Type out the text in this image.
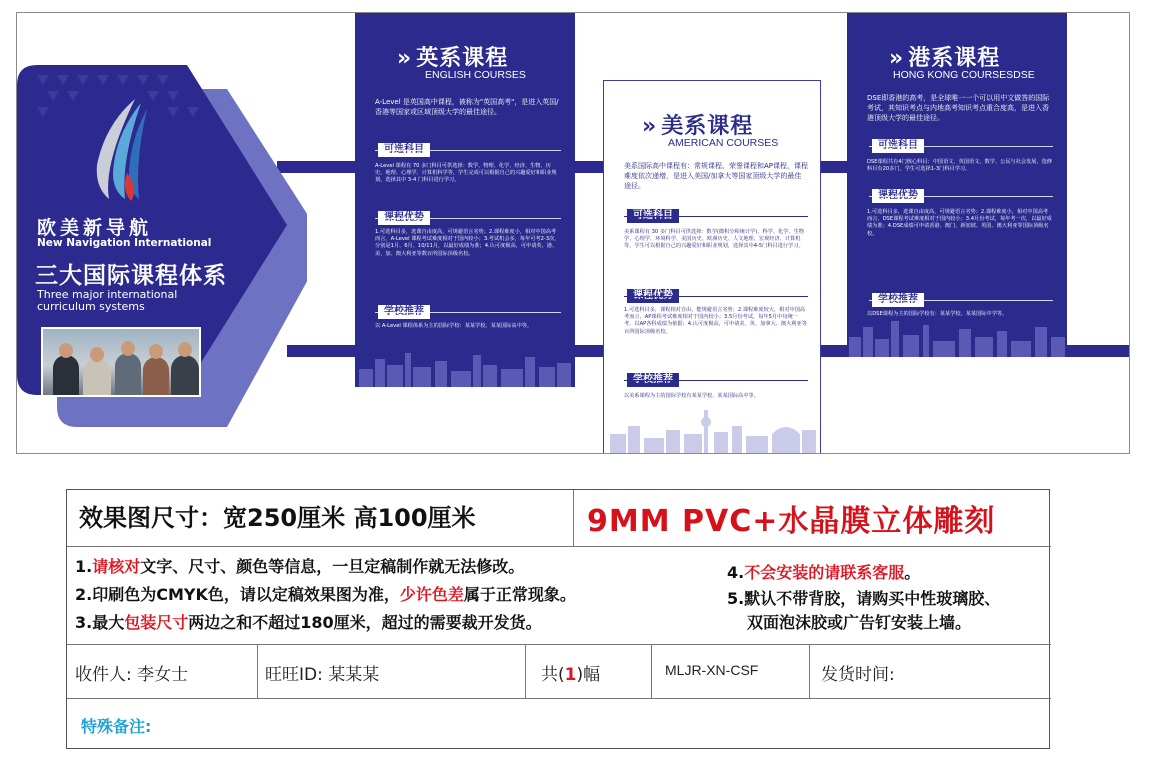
欧美新导航
New Navigation International
三大国际课程体系
Three major international curriculum systems
» 英系课程
ENGLISH COURSES
A-Level 是英国高中课程，被称为"英国高考"，是进入英国/香港等国家或区域顶级大学的最佳途径。
A-Level 课程有 70 多门科目可供选择：数学、物理、化学、经济、生物、历史、地理、心理学、计算机科学等，学生完成可以根据自己的兴趣爱好和职业规划，选择其中 3-4 门科目进行学习。
1.可选科目多，选课自由度高，可规避语言劣势；2.课程难度小，相对中国高考而言，A-Level 课程考试难度相对于国内较小；3.考试机会多，每年可考2-3次，分别是1月、6月、10/11月，以最好成绩为准；4.认可度极高，可申请英、港、美、加、澳大利亚等数百所国际顶级名校。
以 A-Level 课程体系为主的国际学校：某某学校、某某国际高中等。
» 美系课程
AMERICAN COURSES
美系国际高中课程有：常规课程、荣誉课程和AP课程，课程难度依次递增，是进入美国/加拿大等国家顶级大学的最佳途径。
美系课程有 30 多门科目可供选择：数学(微积分和统计学)、科学、化学、生物学、心理学、环境科学、美国历史、欧洲历史、人文地理、宏观经济、计算机等，学生可以根据自己的兴趣爱好和职业规划，选择其中4-5门科目进行学习。
1.可选科目多，课程相对自由，能规避语言劣势；2.课程难度较大，相对中国高考而言，AP课程考试难度相对于国内较小；3.5月份考试，每年5月中旬统一考，以AP各科成绩为依据；4.认可度极高，可申请美、英、加拿大、澳大利亚等百所国际顶级名校。
以美系课程为主的国际学校有某某学校、某某国际高中等。
» 港系课程
HONG KONG COURSESDSE
DSE即香港的高考，是全球唯一一个可以用中文做答的国际考试，其知识考点与内地高考知识考点重合度高，是进入香港顶级大学的最佳途径。
DSE课程共有4门核心科目：中国语文、英国语文、数学、公民与社会发展，选修科目有20多门，学生可选择1-3门科目学习。
1.可选科目多，选课自由度高，可规避语言劣势；2.课程难度小，相对中国高考而言，DSE课程考试难度相对于国内较小；3.4月份考试，每年考一次，以最好成绩为准；4.DSE成绩可申请香港、澳门、新加坡、英国、澳大利亚等国际顶级名校。
以DSE课程为主的国际学校有：某某学校、某某国际中学等。
效果图尺寸：宽250厘米 高100厘米	9MM PVC+水晶膜立体雕刻
1.请核对文字、尺寸、颜色等信息，一旦定稿制作就无法修改。
2.印刷色为CMYK色，请以定稿效果图为准，少许色差属于正常现象。
3.最大包装尺寸两边之和不超过180厘米，超过的需要裁开发货。
4.不会安装的请联系客服。
5.默认不带背胶，请购买中性玻璃胶、
双面泡沫胶或广告钉安装上墙。
收件人: 李女士	旺旺ID: 某某某	共(1)幅	MLJR-XN-CSF	发货时间:
特殊备注:
